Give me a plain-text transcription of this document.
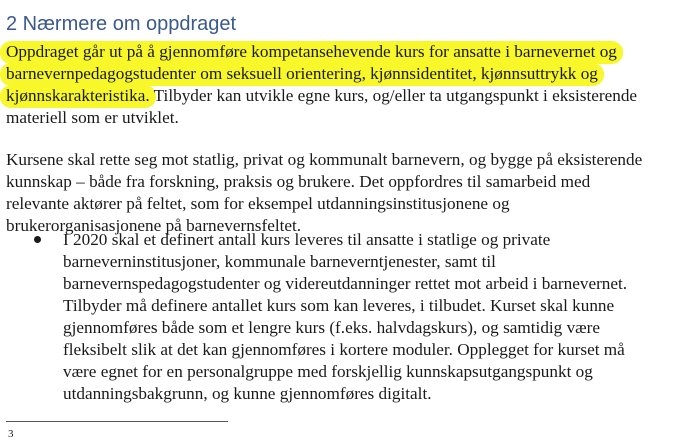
2 Nærmere om oppdraget
Oppdraget går ut på å gjennomføre kompetansehevende kurs for ansatte i barnevernet og
barnevernpedagogstudenter om seksuell orientering, kjønnsidentitet, kjønnsuttrykk og
kjønnskarakteristika. Tilbyder kan utvikle egne kurs, og/eller ta utgangspunkt i eksisterende
materiell som er utviklet.
Kursene skal rette seg mot statlig, privat og kommunalt barnevern, og bygge på eksisterende
kunnskap – både fra forskning, praksis og brukere. Det oppfordres til samarbeid med
relevante aktører på feltet, som for eksempel utdanningsinstitusjonene og
brukerorganisasjonene på barnevernsfeltet.
I 2020 skal et definert antall kurs leveres til ansatte i statlige og private
barneverninstitusjoner, kommunale barneverntjenester, samt til
barnevernspedagogstudenter og videreutdanninger rettet mot arbeid i barnevernet.
Tilbyder må definere antallet kurs som kan leveres, i tilbudet. Kurset skal kunne
gjennomføres både som et lengre kurs (f.eks. halvdagskurs), og samtidig være
fleksibelt slik at det kan gjennomføres i kortere moduler. Opplegget for kurset må
være egnet for en personalgruppe med forskjellig kunnskapsutgangspunkt og
utdanningsbakgrunn, og kunne gjennomføres digitalt.
3
